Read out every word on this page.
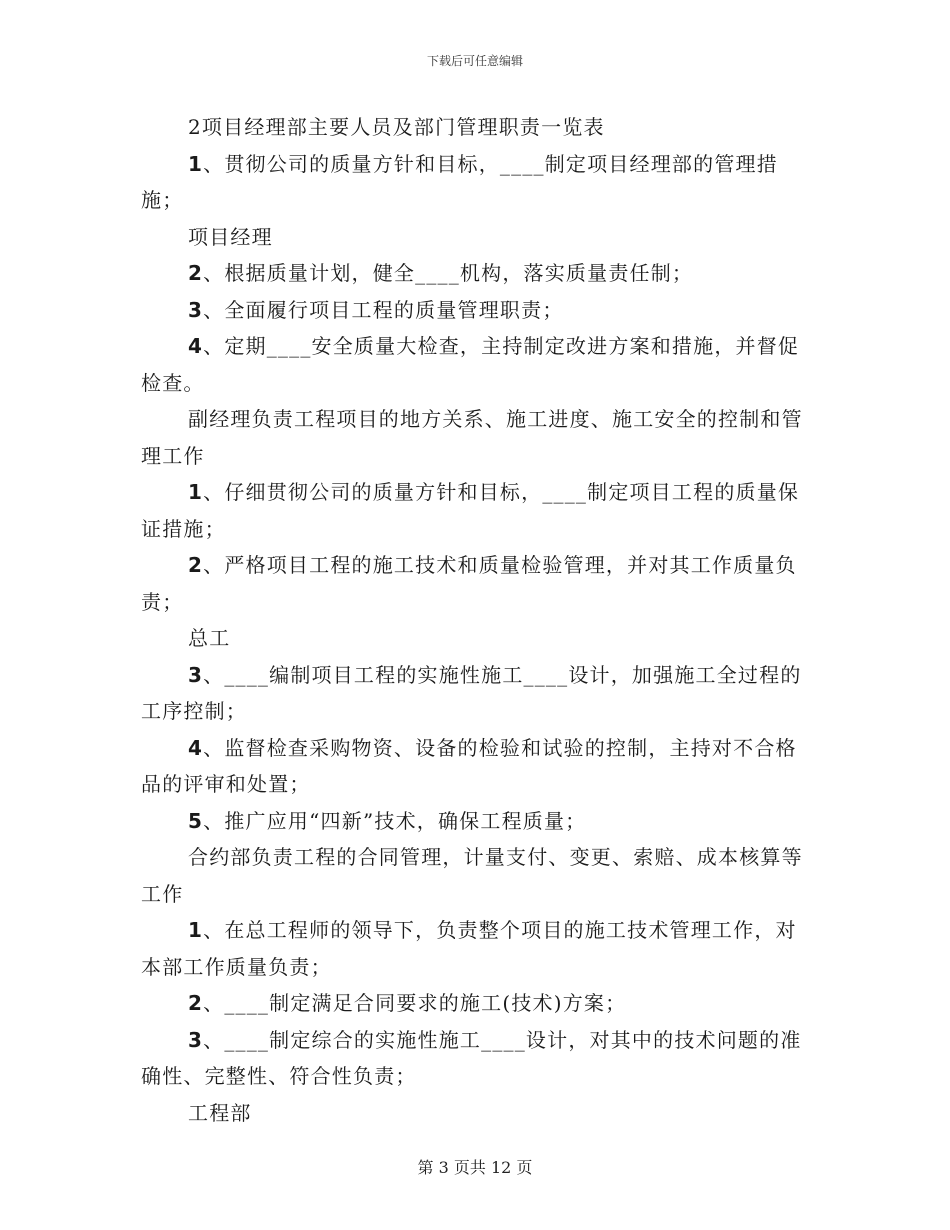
下载后可任意编辑

2项目经理部主要人员及部门管理职责一览表

1、贯彻公司的质量方针和目标，____制定项目经理部的管理措施；

项目经理

2、根据质量计划，健全____机构，落实质量责任制；

3、全面履行项目工程的质量管理职责；

4、定期____安全质量大检查，主持制定改进方案和措施，并督促检查。

副经理负责工程项目的地方关系、施工进度、施工安全的控制和管理工作

1、仔细贯彻公司的质量方针和目标，____制定项目工程的质量保证措施；

2、严格项目工程的施工技术和质量检验管理，并对其工作质量负责；

总工

3、____编制项目工程的实施性施工____设计，加强施工全过程的工序控制；

4、监督检查采购物资、设备的检验和试验的控制，主持对不合格品的评审和处置；

5、推广应用“四新”技术，确保工程质量；

合约部负责工程的合同管理，计量支付、变更、索赔、成本核算等工作

1、在总工程师的领导下，负责整个项目的施工技术管理工作，对本部工作质量负责；

2、____制定满足合同要求的施工(技术)方案；

3、____制定综合的实施性施工____设计，对其中的技术问题的准确性、完整性、符合性负责；

工程部

第 3 页共 12 页
